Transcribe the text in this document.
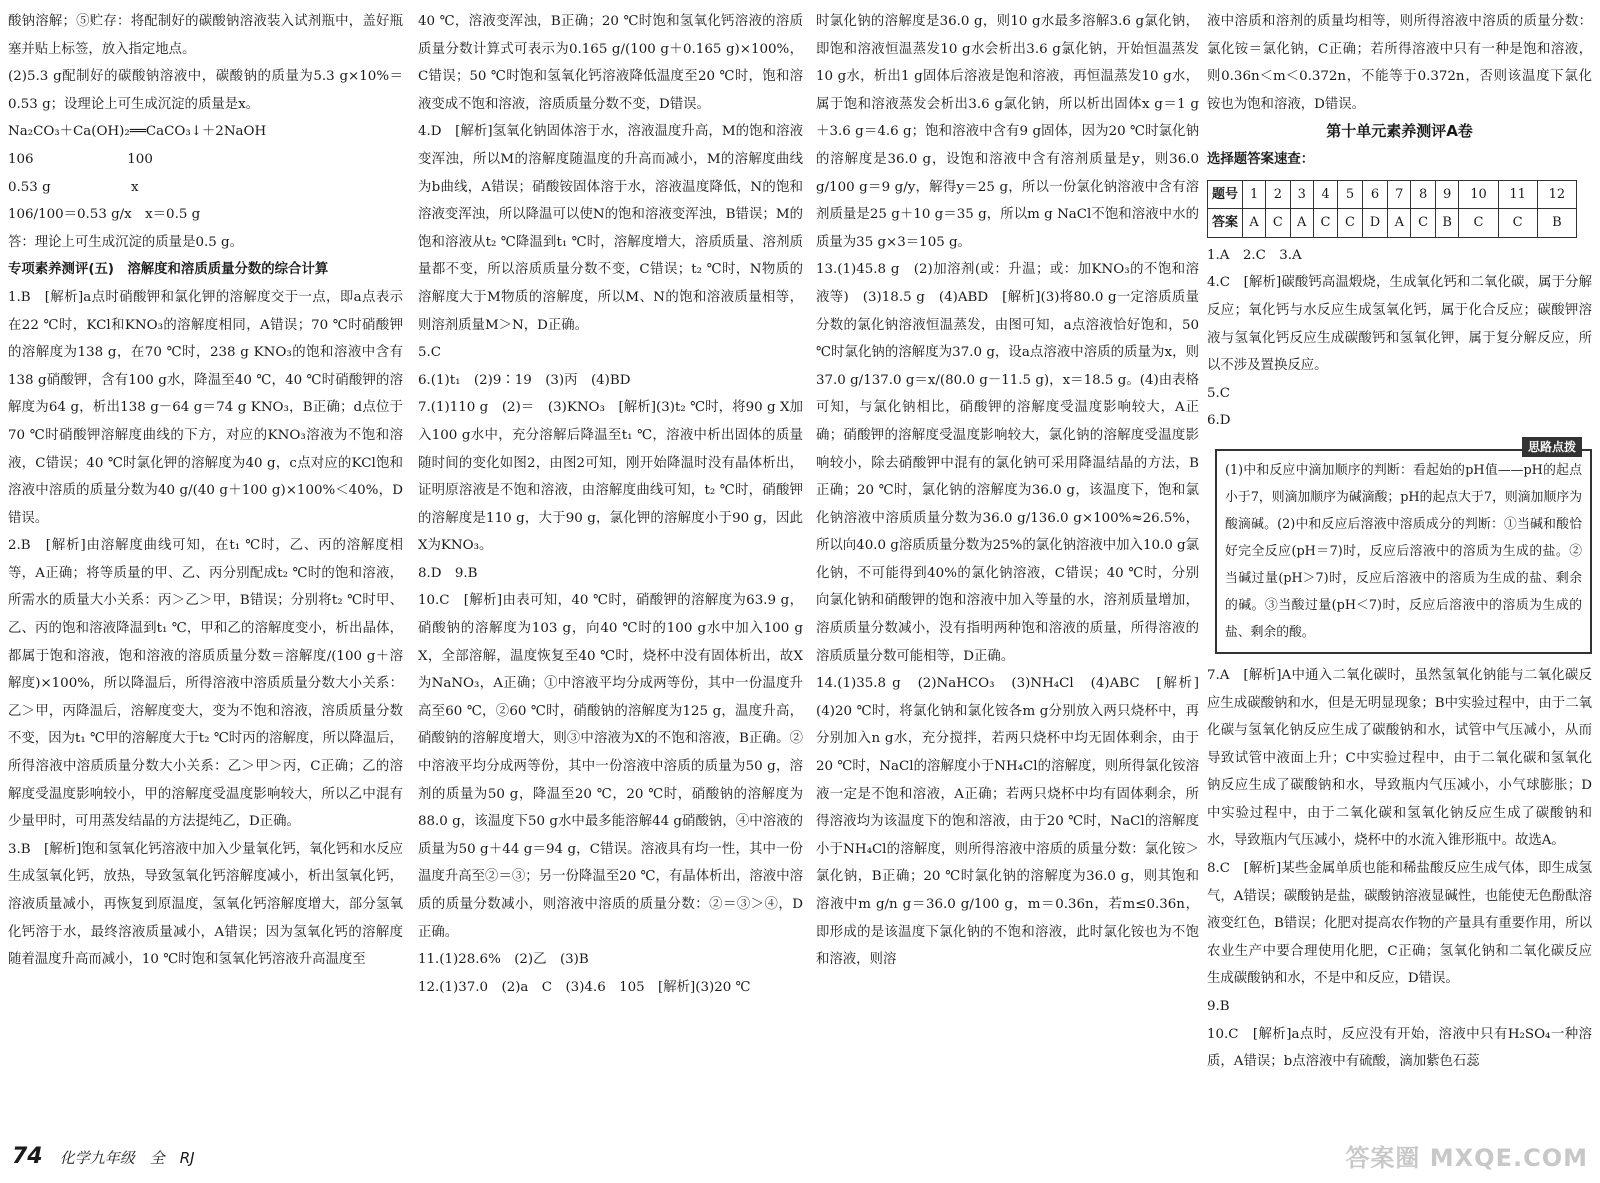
酸钠溶解；⑤贮存：将配制好的碳酸钠溶液装入试剂瓶中，盖好瓶塞并贴上标签，放入指定地点。

(2)5.3 g配制好的碳酸钠溶液中，碳酸钠的质量为5.3 g×10%＝0.53 g；设理论上可生成沉淀的质量是x。

Na₂CO₃＋Ca(OH)₂══CaCO₃↓＋2NaOH

106　　　　　　　100

0.53 g　　　　　　x

106/100＝0.53 g/x　x＝0.5 g

答：理论上可生成沉淀的质量是0.5 g。

专项素养测评(五)　溶解度和溶质质量分数的综合计算

1.B　[解析]a点时硝酸钾和氯化钾的溶解度交于一点，即a点表示在22 ℃时，KCl和KNO₃的溶解度相同，A错误；70 ℃时硝酸钾的溶解度为138 g，在70 ℃时，238 g KNO₃的饱和溶液中含有138 g硝酸钾，含有100 g水，降温至40 ℃，40 ℃时硝酸钾的溶解度为64 g，析出138 g－64 g＝74 g KNO₃，B正确；d点位于70 ℃时硝酸钾溶解度曲线的下方，对应的KNO₃溶液为不饱和溶液，C错误；40 ℃时氯化钾的溶解度为40 g，c点对应的KCl饱和溶液中溶质的质量分数为40 g/(40 g＋100 g)×100%＜40%，D错误。

2.B　[解析]由溶解度曲线可知，在t₁ ℃时，乙、丙的溶解度相等，A正确；将等质量的甲、乙、丙分别配成t₂ ℃时的饱和溶液，所需水的质量大小关系：丙＞乙＞甲，B错误；分别将t₂ ℃时甲、乙、丙的饱和溶液降温到t₁ ℃，甲和乙的溶解度变小，析出晶体，都属于饱和溶液，饱和溶液的溶质质量分数＝溶解度/(100 g＋溶解度)×100%，所以降温后，所得溶液中溶质质量分数大小关系：乙＞甲，丙降温后，溶解度变大，变为不饱和溶液，溶质质量分数不变，因为t₁ ℃甲的溶解度大于t₂ ℃时丙的溶解度，所以降温后，所得溶液中溶质质量分数大小关系：乙＞甲＞丙，C正确；乙的溶解度受温度影响较小，甲的溶解度受温度影响较大，所以乙中混有少量甲时，可用蒸发结晶的方法提纯乙，D正确。

3.B　[解析]饱和氢氧化钙溶液中加入少量氧化钙，氧化钙和水反应生成氢氧化钙，放热，导致氢氧化钙溶解度减小，析出氢氧化钙，溶液质量减小，再恢复到原温度，氢氧化钙溶解度增大，部分氢氧化钙溶于水，最终溶液质量减小，A错误；因为氢氧化钙的溶解度随着温度升高而减小，10 ℃时饱和氢氧化钙溶液升高温度至

40 ℃，溶液变浑浊，B正确；20 ℃时饱和氢氧化钙溶液的溶质质量分数计算式可表示为0.165 g/(100 g＋0.165 g)×100%，C错误；50 ℃时饱和氢氧化钙溶液降低温度至20 ℃时，饱和溶液变成不饱和溶液，溶质质量分数不变，D错误。

4.D　[解析]氢氧化钠固体溶于水，溶液温度升高，M的饱和溶液变浑浊，所以M的溶解度随温度的升高而减小，M的溶解度曲线为b曲线，A错误；硝酸铵固体溶于水，溶液温度降低，N的饱和溶液变浑浊，所以降温可以使N的饱和溶液变浑浊，B错误；M的饱和溶液从t₂ ℃降温到t₁ ℃时，溶解度增大，溶质质量、溶剂质量都不变，所以溶质质量分数不变，C错误；t₂ ℃时，N物质的溶解度大于M物质的溶解度，所以M、N的饱和溶液质量相等，则溶剂质量M＞N，D正确。

5.C

6.(1)t₁　(2)9∶19　(3)丙　(4)BD

7.(1)110 g　(2)＝　(3)KNO₃　[解析](3)t₂ ℃时，将90 g X加入100 g水中，充分溶解后降温至t₁ ℃，溶液中析出固体的质量随时间的变化如图2，由图2可知，刚开始降温时没有晶体析出，证明原溶液是不饱和溶液，由溶解度曲线可知，t₂ ℃时，硝酸钾的溶解度是110 g，大于90 g，氯化钾的溶解度小于90 g，因此X为KNO₃。

8.D　9.B

10.C　[解析]由表可知，40 ℃时，硝酸钾的溶解度为63.9 g，硝酸钠的溶解度为103 g，向40 ℃时的100 g水中加入100 g X，全部溶解，温度恢复至40 ℃时，烧杯中没有固体析出，故X为NaNO₃，A正确；①中溶液平均分成两等份，其中一份温度升高至60 ℃，②60 ℃时，硝酸钠的溶解度为125 g，温度升高，硝酸钠的溶解度增大，则③中溶液为X的不饱和溶液，B正确。②中溶液平均分成两等份，其中一份溶液中溶质的质量为50 g，溶剂的质量为50 g，降温至20 ℃，20 ℃时，硝酸钠的溶解度为88.0 g，该温度下50 g水中最多能溶解44 g硝酸钠，④中溶液的质量为50 g＋44 g＝94 g，C错误。溶液具有均一性，其中一份温度升高至②＝③；另一份降温至20 ℃，有晶体析出，溶液中溶质的质量分数减小，则溶液中溶质的质量分数：②＝③＞④，D正确。

11.(1)28.6%　(2)乙　(3)B

12.(1)37.0　(2)a　C　(3)4.6　105　[解析](3)20 ℃

时氯化钠的溶解度是36.0 g，则10 g水最多溶解3.6 g氯化钠，即饱和溶液恒温蒸发10 g水会析出3.6 g氯化钠，开始恒温蒸发10 g水，析出1 g固体后溶液是饱和溶液，再恒温蒸发10 g水，属于饱和溶液蒸发会析出3.6 g氯化钠，所以析出固体x g＝1 g＋3.6 g＝4.6 g；饱和溶液中含有9 g固体，因为20 ℃时氯化钠的溶解度是36.0 g，设饱和溶液中含有溶剂质量是y，则36.0 g/100 g＝9 g/y，解得y＝25 g，所以一份氯化钠溶液中含有溶剂质量是25 g＋10 g＝35 g，所以m g NaCl不饱和溶液中水的质量为35 g×3＝105 g。

13.(1)45.8 g　(2)加溶剂(或：升温；或：加KNO₃的不饱和溶液等)　(3)18.5 g　(4)ABD　[解析](3)将80.0 g一定溶质质量分数的氯化钠溶液恒温蒸发，由图可知，a点溶液恰好饱和，50 ℃时氯化钠的溶解度为37.0 g，设a点溶液中溶质的质量为x，则37.0 g/137.0 g＝x/(80.0 g－11.5 g)，x＝18.5 g。(4)由表格可知，与氯化钠相比，硝酸钾的溶解度受温度影响较大，A正确；硝酸钾的溶解度受温度影响较大，氯化钠的溶解度受温度影响较小，除去硝酸钾中混有的氯化钠可采用降温结晶的方法，B正确；20 ℃时，氯化钠的溶解度为36.0 g，该温度下，饱和氯化钠溶液中溶质质量分数为36.0 g/136.0 g×100%≈26.5%，所以向40.0 g溶质质量分数为25%的氯化钠溶液中加入10.0 g氯化钠，不可能得到40%的氯化钠溶液，C错误；40 ℃时，分别向氯化钠和硝酸钾的饱和溶液中加入等量的水，溶剂质量增加，溶质质量分数减小，没有指明两种饱和溶液的质量，所得溶液的溶质质量分数可能相等，D正确。

14.(1)35.8 g　(2)NaHCO₃　(3)NH₄Cl　(4)ABC　[解析](4)20 ℃时，将氯化钠和氯化铵各m g分别放入两只烧杯中，再分别加入n g水，充分搅拌，若两只烧杯中均无固体剩余，由于20 ℃时，NaCl的溶解度小于NH₄Cl的溶解度，则所得氯化铵溶液一定是不饱和溶液，A正确；若两只烧杯中均有固体剩余，所得溶液均为该温度下的饱和溶液，由于20 ℃时，NaCl的溶解度小于NH₄Cl的溶解度，则所得溶液中溶质的质量分数：氯化铵＞氯化钠，B正确；20 ℃时氯化钠的溶解度为36.0 g，则其饱和溶液中m g/n g＝36.0 g/100 g，m＝0.36n，若m≤0.36n，即形成的是该温度下氯化钠的不饱和溶液，此时氯化铵也为不饱和溶液，则溶

液中溶质和溶剂的质量均相等，则所得溶液中溶质的质量分数：氯化铵＝氯化钠，C正确；若所得溶液中只有一种是饱和溶液，则0.36n＜m＜0.372n，不能等于0.372n，否则该温度下氯化铵也为饱和溶液，D错误。

第十单元素养测评A卷

选择题答案速查：

题号	1	2	3	4	5	6	7	8	9	10	11	12
答案	A	C	A	C	C	D	A	C	B	C	C	B

1.A　2.C　3.A

4.C　[解析]碳酸钙高温煅烧，生成氧化钙和二氧化碳，属于分解反应；氧化钙与水反应生成氢氧化钙，属于化合反应；碳酸钾溶液与氢氧化钙反应生成碳酸钙和氢氧化钾，属于复分解反应，所以不涉及置换反应。

5.C

6.D

思路点拨

(1)中和反应中滴加顺序的判断：看起始的pH值——pH的起点小于7，则滴加顺序为碱滴酸；pH的起点大于7，则滴加顺序为酸滴碱。(2)中和反应后溶液中溶质成分的判断：①当碱和酸恰好完全反应(pH＝7)时，反应后溶液中的溶质为生成的盐。②当碱过量(pH＞7)时，反应后溶液中的溶质为生成的盐、剩余的碱。③当酸过量(pH＜7)时，反应后溶液中的溶质为生成的盐、剩余的酸。

7.A　[解析]A中通入二氧化碳时，虽然氢氧化钠能与二氧化碳反应生成碳酸钠和水，但是无明显现象；B中实验过程中，由于二氧化碳与氢氧化钠反应生成了碳酸钠和水，试管中气压减小，从而导致试管中液面上升；C中实验过程中，由于二氧化碳和氢氧化钠反应生成了碳酸钠和水，导致瓶内气压减小，小气球膨胀；D中实验过程中，由于二氧化碳和氢氧化钠反应生成了碳酸钠和水，导致瓶内气压减小，烧杯中的水流入锥形瓶中。故选A。

8.C　[解析]某些金属单质也能和稀盐酸反应生成气体，即生成氢气，A错误；碳酸钠是盐，碳酸钠溶液显碱性，也能使无色酚酞溶液变红色，B错误；化肥对提高农作物的产量具有重要作用，所以农业生产中要合理使用化肥，C正确；氢氧化钠和二氧化碳反应生成碳酸钠和水，不是中和反应，D错误。

9.B

10.C　[解析]a点时，反应没有开始，溶液中只有H₂SO₄一种溶质，A错误；b点溶液中有硫酸，滴加紫色石蕊

74 化学九年级　全　RJ	答案圈 MXQE.COM
